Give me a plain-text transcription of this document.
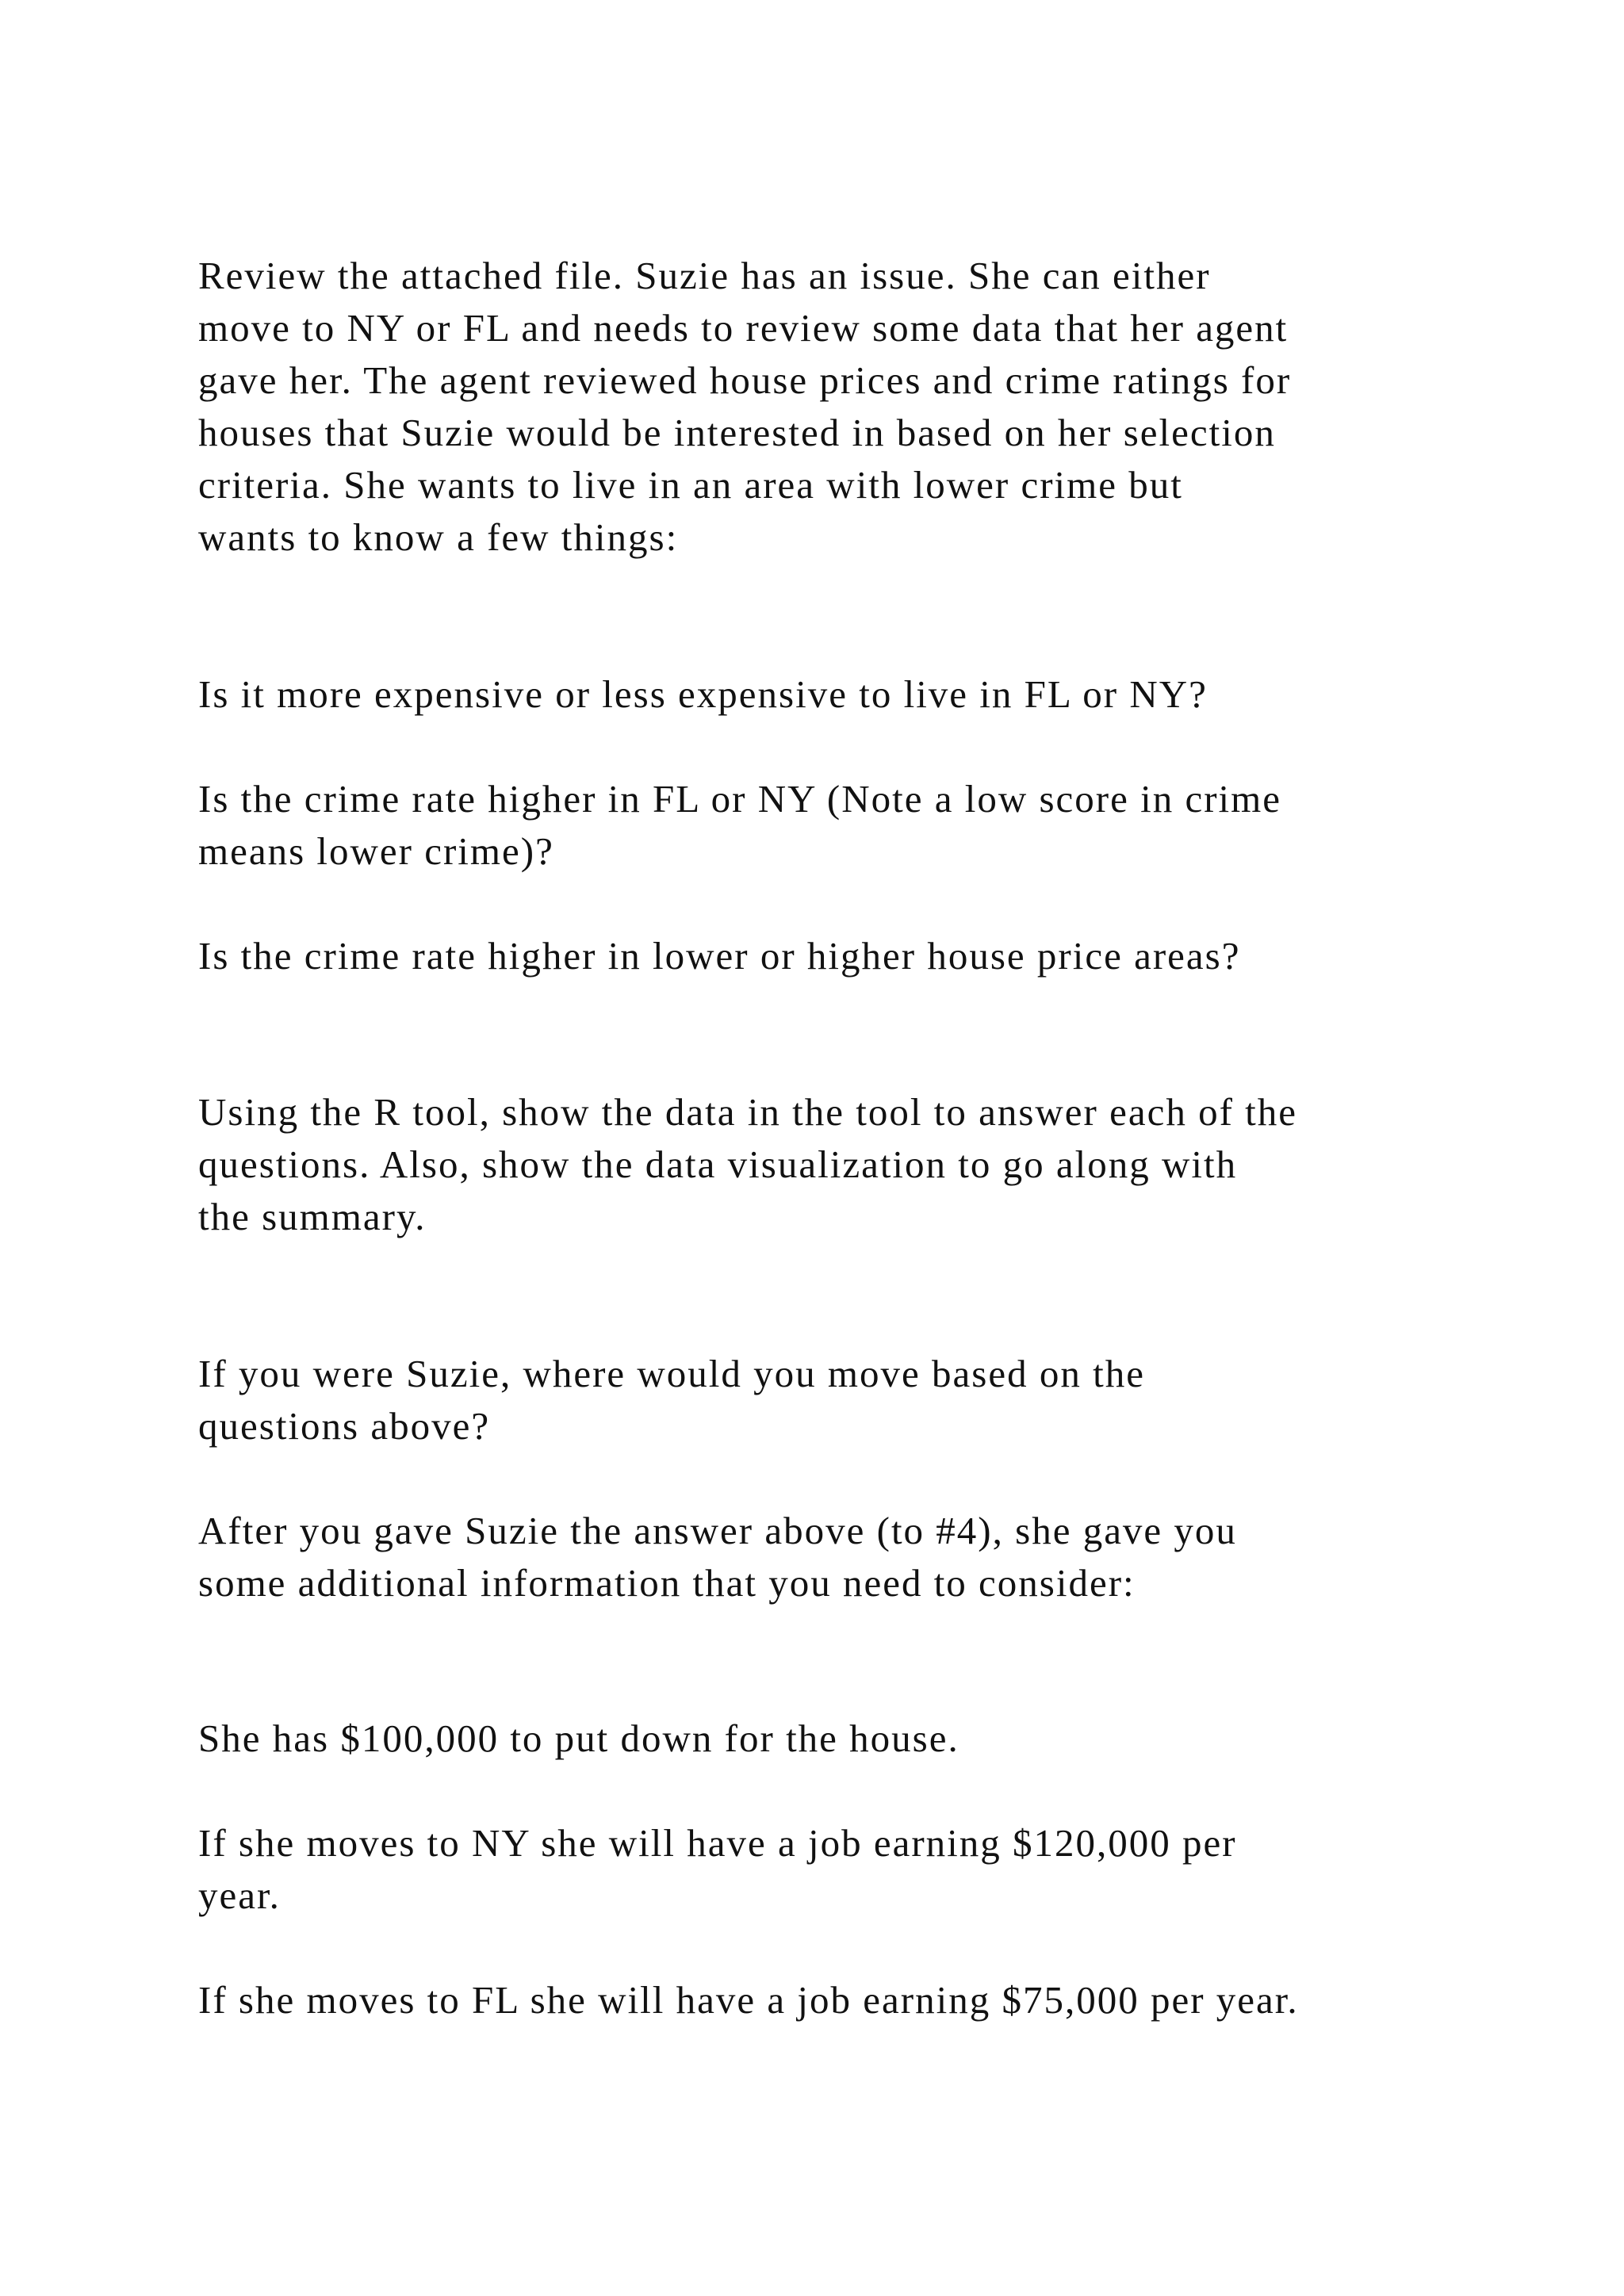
Review the attached file. Suzie has an issue. She can either
move to NY or FL and needs to review some data that her agent
gave her. The agent reviewed house prices and crime ratings for
houses that Suzie would be interested in based on her selection
criteria. She wants to live in an area with lower crime but
wants to know a few things:
Is it more expensive or less expensive to live in FL or NY?
Is the crime rate higher in FL or NY (Note a low score in crime
means lower crime)?
Is the crime rate higher in lower or higher house price areas?
Using the R tool, show the data in the tool to answer each of the
questions. Also, show the data visualization to go along with
the summary.
If you were Suzie, where would you move based on the
questions above?
After you gave Suzie the answer above (to #4), she gave you
some additional information that you need to consider:
She has $100,000 to put down for the house.
If she moves to NY she will have a job earning $120,000 per
year.
If she moves to FL she will have a job earning $75,000 per year.
